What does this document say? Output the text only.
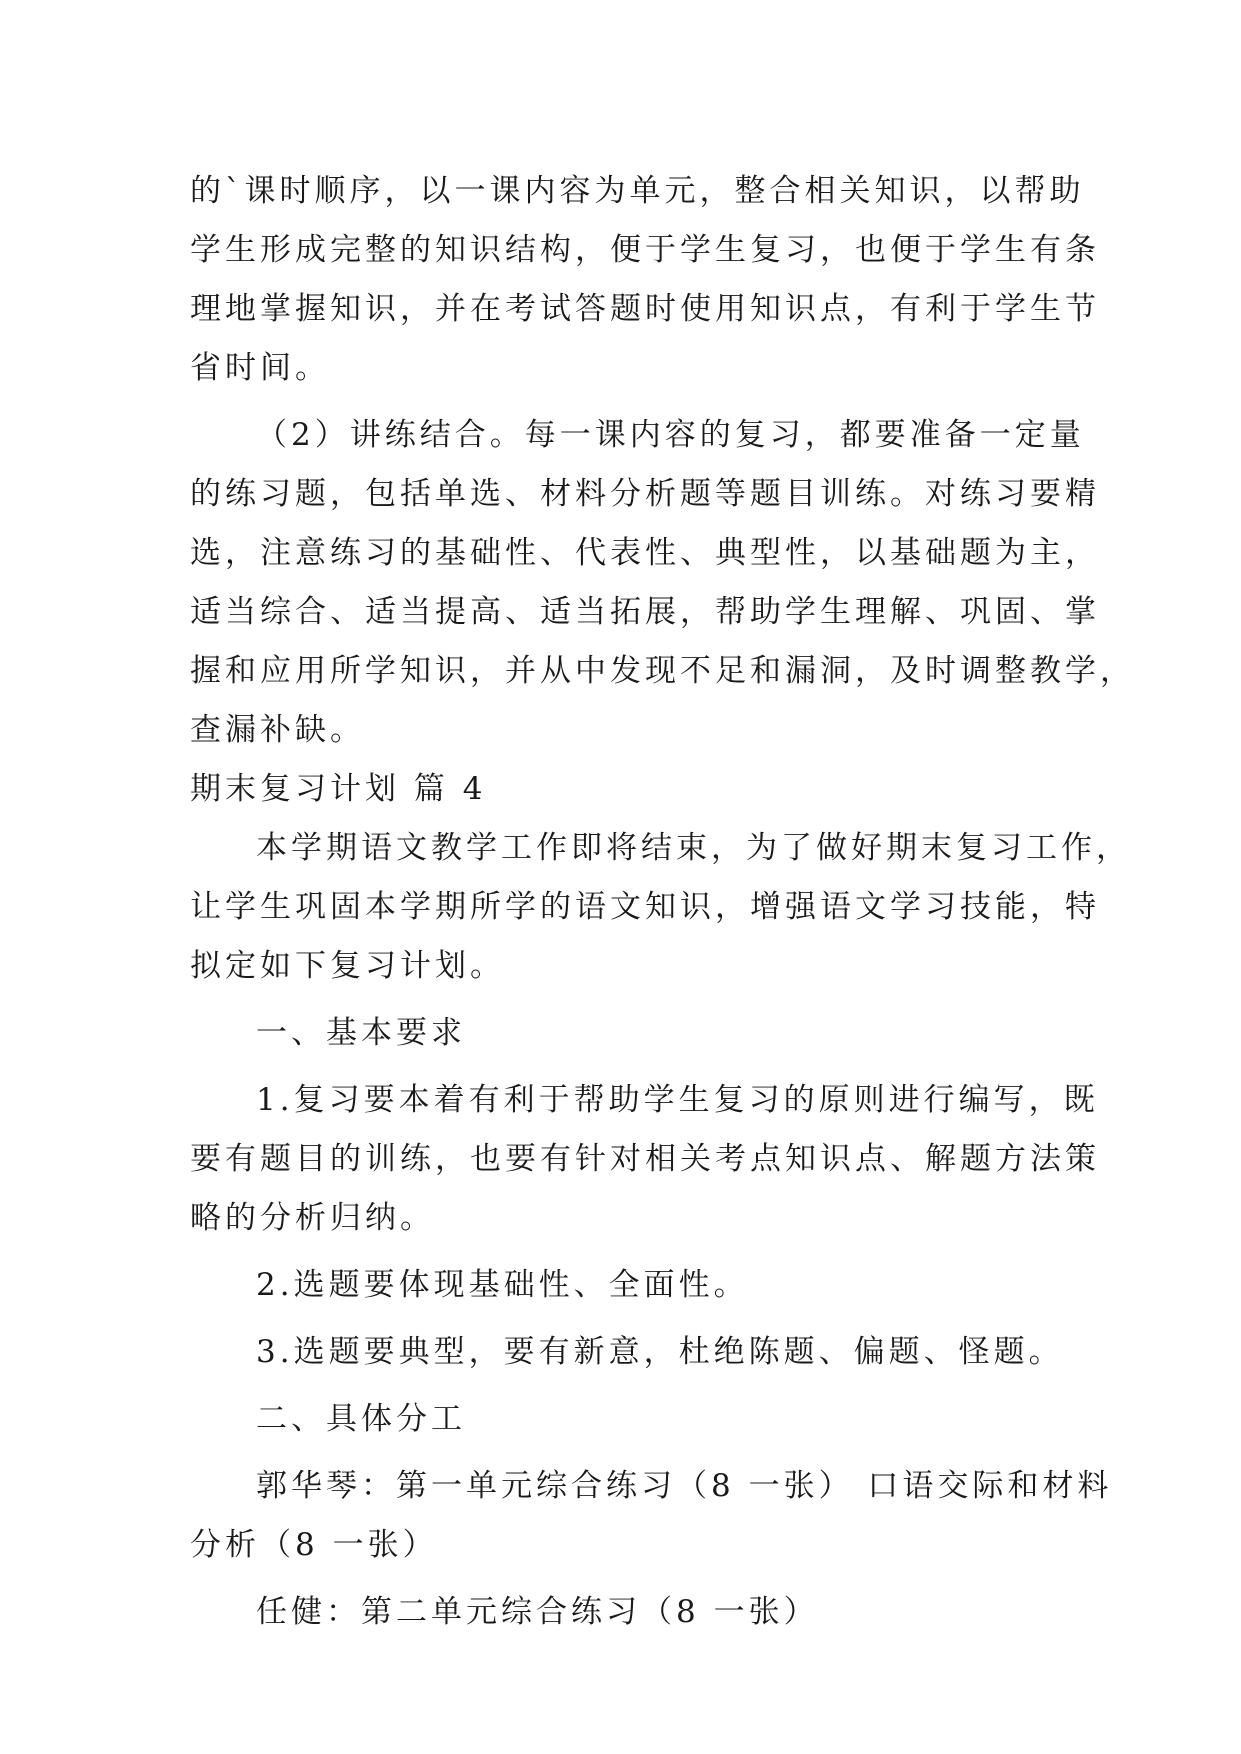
的`课时顺序，以一课内容为单元，整合相关知识，以帮助
学生形成完整的知识结构，便于学生复习，也便于学生有条
理地掌握知识，并在考试答题时使用知识点，有利于学生节
省时间。
（2）讲练结合。每一课内容的复习，都要准备一定量
的练习题，包括单选、材料分析题等题目训练。对练习要精
选，注意练习的基础性、代表性、典型性，以基础题为主，
适当综合、适当提高、适当拓展，帮助学生理解、巩固、掌
握和应用所学知识，并从中发现不足和漏洞，及时调整教学，
查漏补缺。
期末复习计划 篇 4
本学期语文教学工作即将结束，为了做好期末复习工作，
让学生巩固本学期所学的语文知识，增强语文学习技能，特
拟定如下复习计划。
一、基本要求
1.复习要本着有利于帮助学生复习的原则进行编写，既
要有题目的训练，也要有针对相关考点知识点、解题方法策
略的分析归纳。
2.选题要体现基础性、全面性。
3.选题要典型，要有新意，杜绝陈题、偏题、怪题。
二、具体分工
郭华琴：第一单元综合练习（8 一张） 口语交际和材料
分析（8 一张）
任健：第二单元综合练习（8 一张）
